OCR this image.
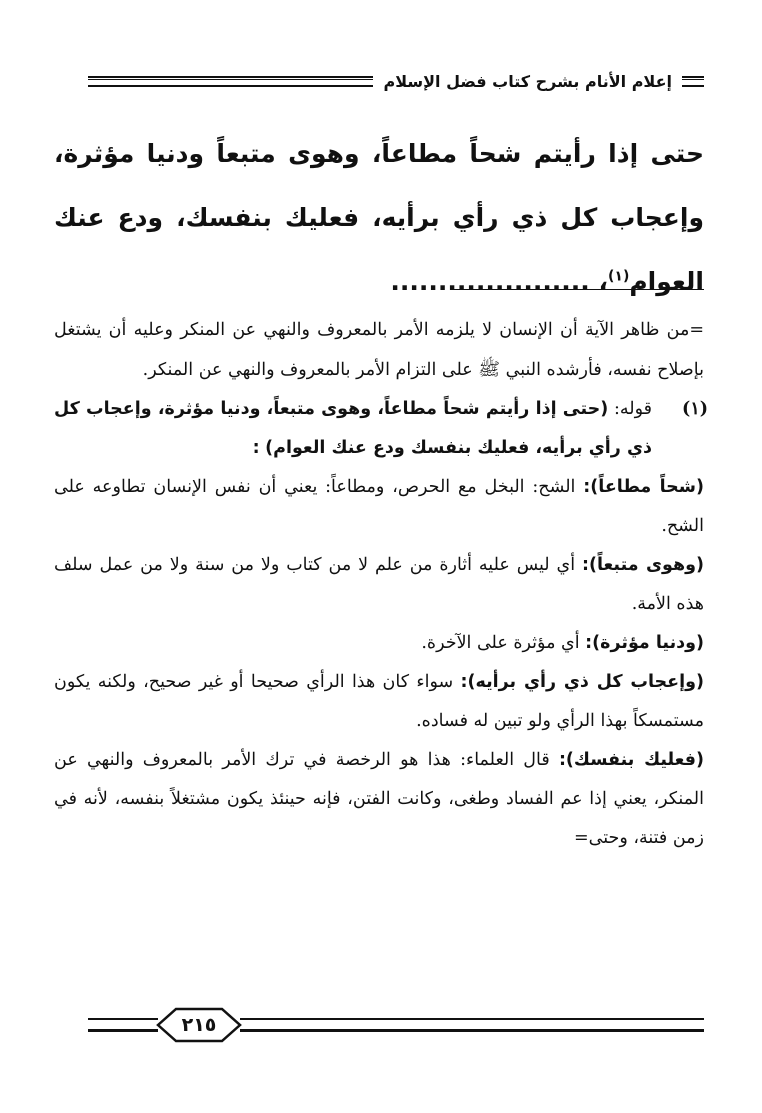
إعلام الأنام بشرح كتاب فضل الإسلام
حتى إذا رأيتم شحاً مطاعاً، وهوى متبعاً ودنيا مؤثرة، وإعجاب كل ذي رأي برأيه، فعليك بنفسك، ودع عنك العوام$^{(١)}$، .....................
=من ظاهر الآية أن الإنسان لا يلزمه الأمر بالمعروف والنهي عن المنكر وعليه أن يشتغل بإصلاح نفسه، فأرشده النبي ﷺ على التزام الأمر بالمعروف والنهي عن المنكر.
(١)
قوله: (حتى إذا رأيتم شحاً مطاعاً، وهوى متبعاً، ودنيا مؤثرة، وإعجاب كل ذي رأي برأيه، فعليك بنفسك ودع عنك العوام) :
(شحاً مطاعاً): الشح: البخل مع الحرص، ومطاعاً: يعني أن نفس الإنسان تطاوعه على الشح.
(وهوى متبعاً): أي ليس عليه أثارة من علم لا من كتاب ولا من سنة ولا من عمل سلف هذه الأمة.
(ودنيا مؤثرة): أي مؤثرة على الآخرة.
(وإعجاب كل ذي رأي برأيه): سواء كان هذا الرأي صحيحا أو غير صحيح، ولكنه يكون مستمسكاً بهذا الرأي ولو تبين له فساده.
(فعليك بنفسك): قال العلماء: هذا هو الرخصة في ترك الأمر بالمعروف والنهي عن المنكر، يعني إذا عم الفساد وطغى، وكانت الفتن، فإنه حينئذ يكون مشتغلاً بنفسه، لأنه في زمن فتنة، وحتى=
٢١٥
